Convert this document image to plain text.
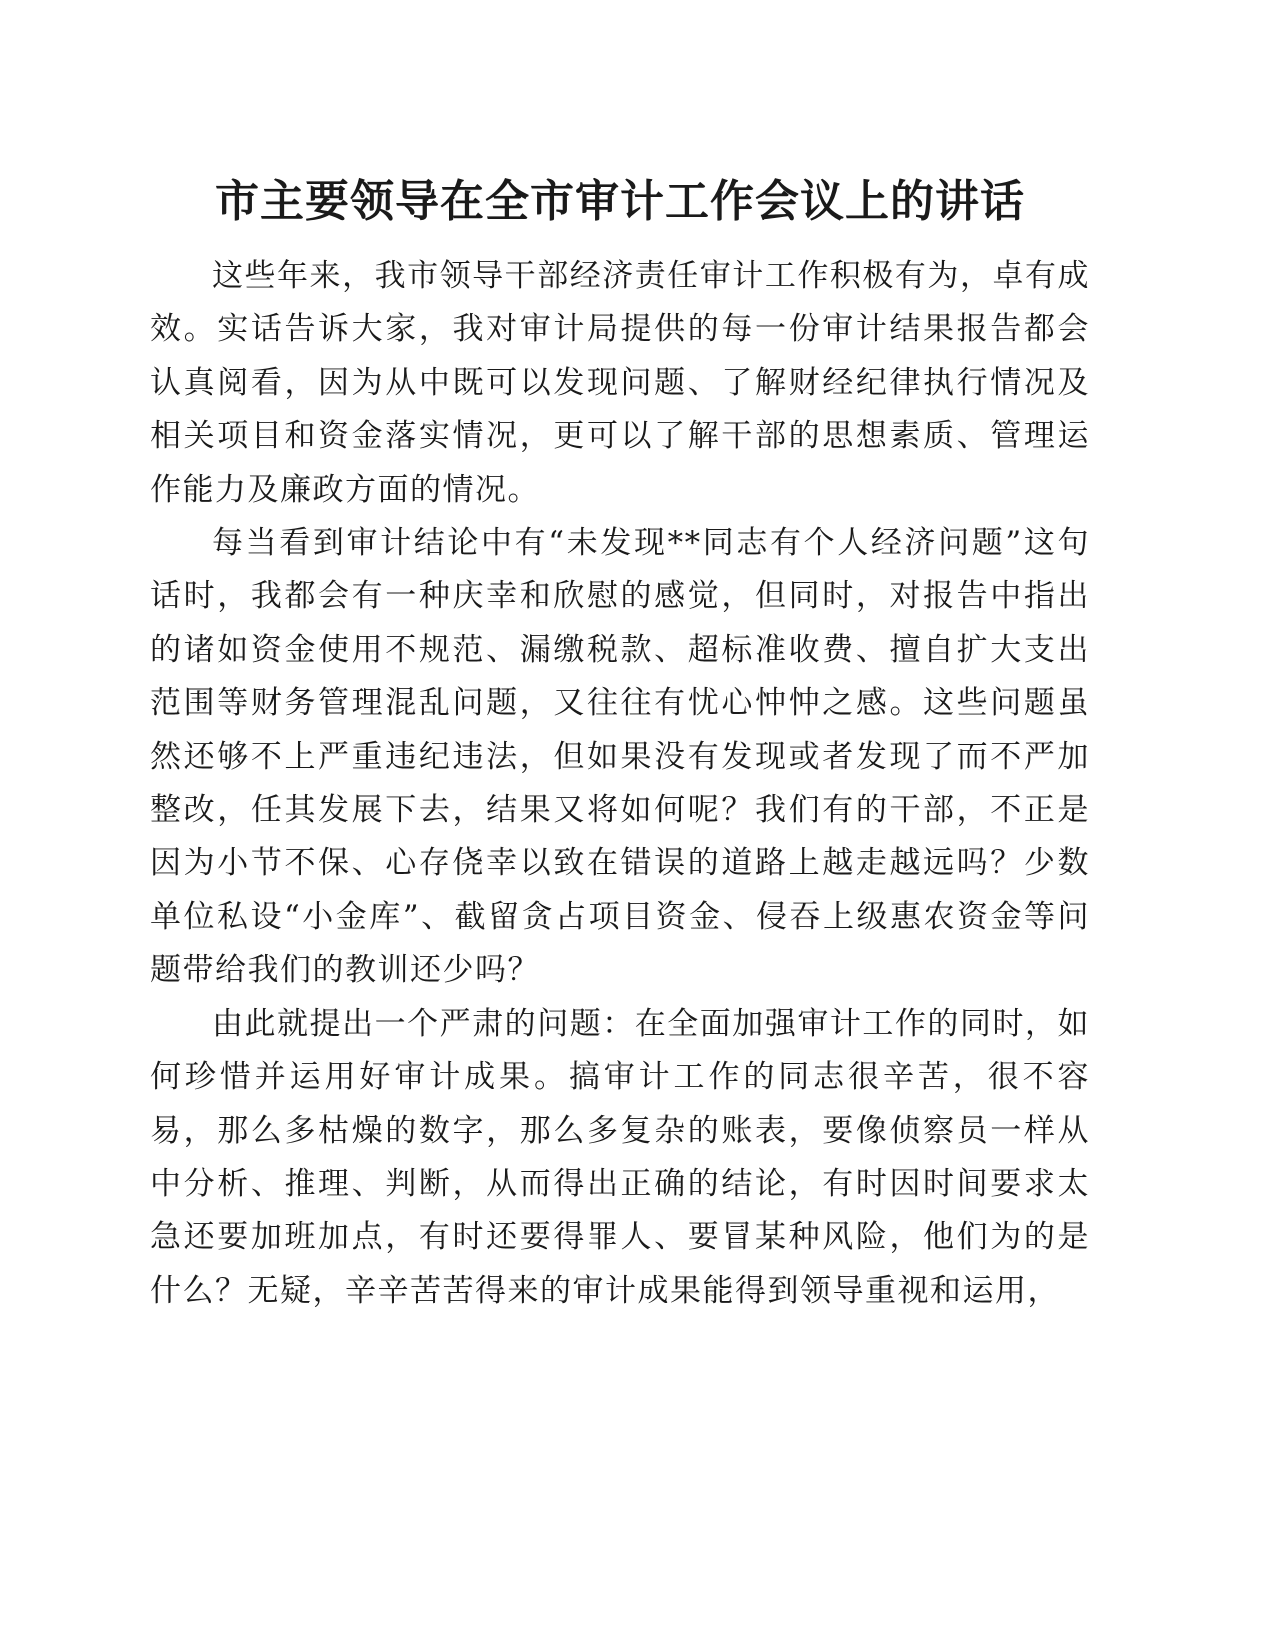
市主要领导在全市审计工作会议上的讲话

这些年来，我市领导干部经济责任审计工作积极有为，卓有成效。实话告诉大家，我对审计局提供的每一份审计结果报告都会认真阅看，因为从中既可以发现问题、了解财经纪律执行情况及相关项目和资金落实情况，更可以了解干部的思想素质、管理运作能力及廉政方面的情况。

每当看到审计结论中有“未发现**同志有个人经济问题”这句话时，我都会有一种庆幸和欣慰的感觉，但同时，对报告中指出的诸如资金使用不规范、漏缴税款、超标准收费、擅自扩大支出范围等财务管理混乱问题，又往往有忧心忡忡之感。这些问题虽然还够不上严重违纪违法，但如果没有发现或者发现了而不严加整改，任其发展下去，结果又将如何呢？我们有的干部，不正是因为小节不保、心存侥幸以致在错误的道路上越走越远吗？少数单位私设“小金库”、截留贪占项目资金、侵吞上级惠农资金等问题带给我们的教训还少吗？

由此就提出一个严肃的问题：在全面加强审计工作的同时，如何珍惜并运用好审计成果。搞审计工作的同志很辛苦，很不容易，那么多枯燥的数字，那么多复杂的账表，要像侦察员一样从中分析、推理、判断，从而得出正确的结论，有时因时间要求太急还要加班加点，有时还要得罪人、要冒某种风险，他们为的是什么？无疑，辛辛苦苦得来的审计成果能得到领导重视和运用，
